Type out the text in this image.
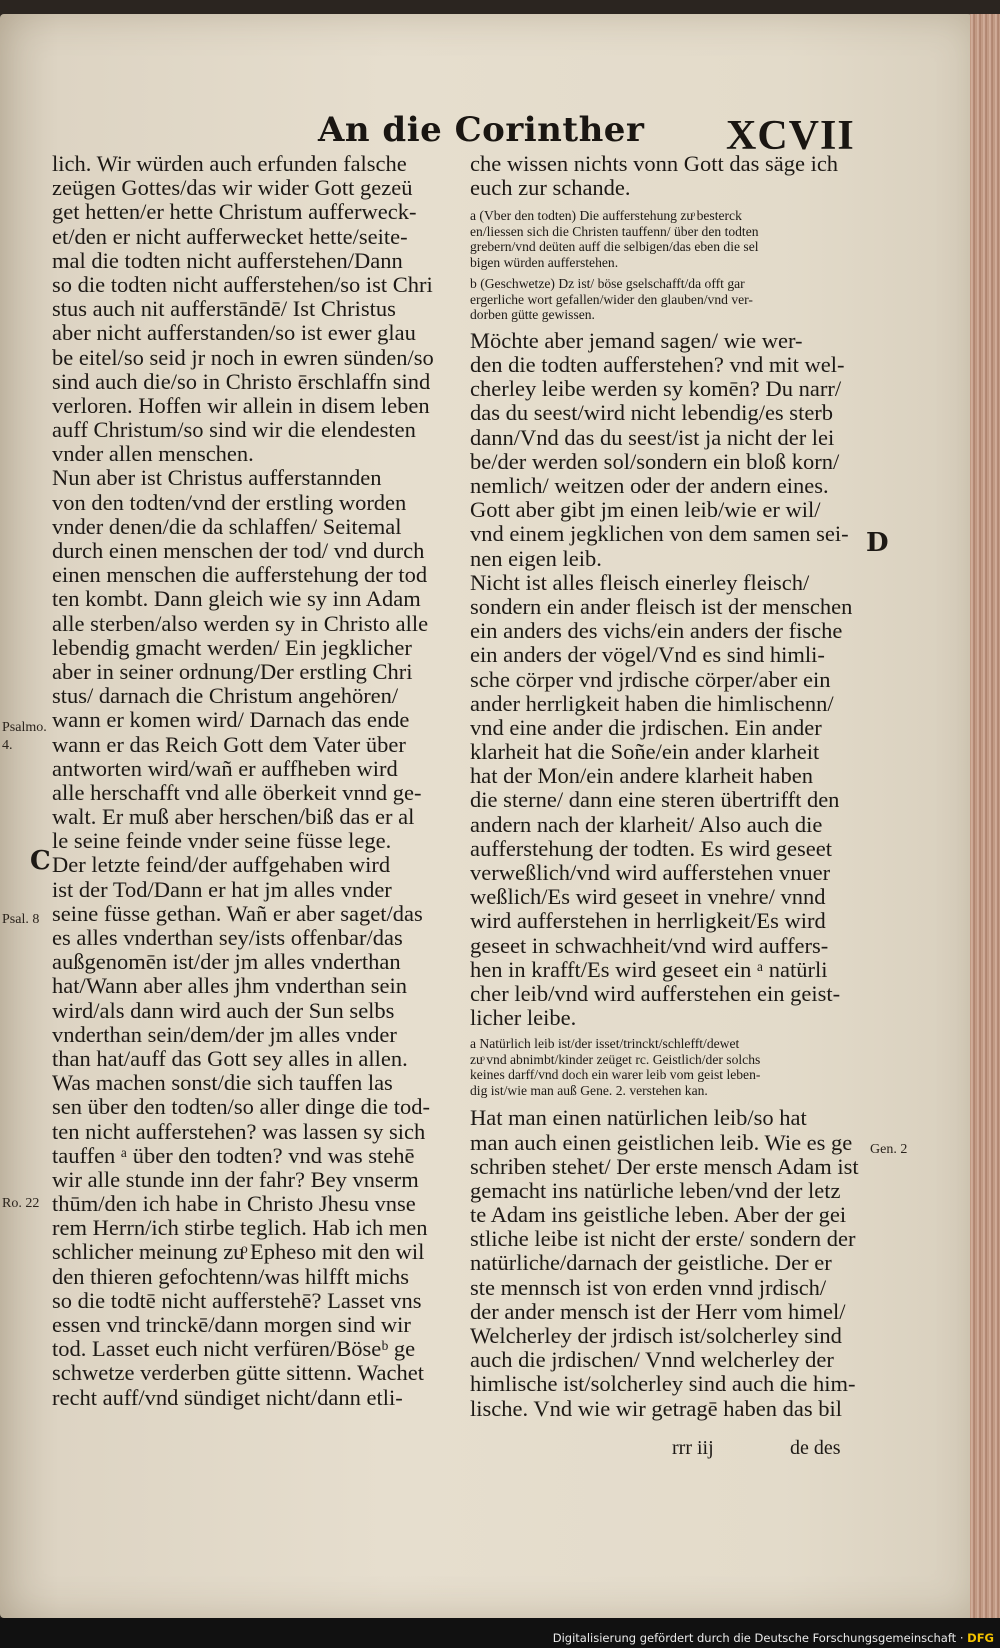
An die Corinther XCVII
lich. Wir würden auch erfunden falsche
zeügen Gottes/das wir wider Gott gezeü
get hetten/er hette Christum aufferweck-
et/den er nicht aufferwecket hette/seite-
mal die todten nicht aufferstehen/Dann
so die todten nicht aufferstehen/so ist Chri
stus auch nit aufferstāndē/ Ist Christus
aber nicht aufferstanden/so ist ewer glau
be eitel/so seid jr noch in ewren sünden/so
sind auch die/so in Christo ērschlaffn sind
verloren. Hoffen wir allein in disem leben
auff Christum/so sind wir die elendesten
vnder allen menschen.
Nun aber ist Christus aufferstannden
von den todten/vnd der erstling worden
vnder denen/die da schlaffen/ Seitemal
durch einen menschen der tod/ vnd durch
einen menschen die aufferstehung der tod
ten kombt. Dann gleich wie sy inn Adam
alle sterben/also werden sy in Christo alle
lebendig gmacht werden/ Ein jegklicher
aber in seiner ordnung/Der erstling Chri
stus/ darnach die Christum angehören/
wann er komen wird/ Darnach das ende
wann er das Reich Gott dem Vater über
antworten wird/wañ er auffheben wird
alle herschafft vnd alle öberkeit vnnd ge-
walt. Er muß aber herschen/biß das er al
le seine feinde vnder seine füsse lege.
Der letzte feind/der auffgehaben wird
ist der Tod/Dann er hat jm alles vnder
seine füsse gethan. Wañ er aber saget/das
es alles vnderthan sey/ists offenbar/das
außgenomēn ist/der jm alles vnderthan
hat/Wann aber alles jhm vnderthan sein
wird/als dann wird auch der Sun selbs
vnderthan sein/dem/der jm alles vnder
than hat/auff das Gott sey alles in allen.
Was machen sonst/die sich tauffen las
sen über den todten/so aller dinge die tod-
ten nicht aufferstehen? was lassen sy sich
tauffen ᵃ über den todten? vnd was stehē
wir alle stunde inn der fahr? Bey vnserm
thūm/den ich habe in Christo Jhesu vnse
rem Herrn/ich stirbe teglich. Hab ich men
schlicher meinung zuͦ Epheso mit den wil
den thieren gefochtenn/was hilfft michs
so die todtē nicht aufferstehē? Lasset vns
essen vnd trinckē/dann morgen sind wir
tod. Lasset euch nicht verfüren/Böseᵇ ge
schwetze verderben gütte sittenn. Wachet
recht auff/vnd sündiget nicht/dann etli-
che wissen nichts vonn Gott das säge ich
euch zur schande.
a (Vber den todten) Die aufferstehung zuͦ besterck
en/liessen sich die Christen tauffenn/ über den todten
grebern/vnd deüten auff die selbigen/das eben die sel
bigen würden aufferstehen.
b (Geschwetze) Dz ist/ böse gselschafft/da offt gar
ergerliche wort gefallen/wider den glauben/vnd ver-
dorben gütte gewissen.
Möchte aber jemand sagen/ wie wer-
den die todten aufferstehen? vnd mit wel-
cherley leibe werden sy komēn? Du narr/
das du seest/wird nicht lebendig/es sterb
dann/Vnd das du seest/ist ja nicht der lei
be/der werden sol/sondern ein bloß korn/
nemlich/ weitzen oder der andern eines.
Gott aber gibt jm einen leib/wie er wil/
vnd einem jegklichen von dem samen sei-
nen eigen leib.
Nicht ist alles fleisch einerley fleisch/
sondern ein ander fleisch ist der menschen
ein anders des vichs/ein anders der fische
ein anders der vögel/Vnd es sind himli-
sche cörper vnd jrdische cörper/aber ein
ander herrligkeit haben die himlischenn/
vnd eine ander die jrdischen. Ein ander
klarheit hat die Soñe/ein ander klarheit
hat der Mon/ein andere klarheit haben
die sterne/ dann eine steren übertrifft den
andern nach der klarheit/ Also auch die
aufferstehung der todten. Es wird geseet
verweßlich/vnd wird aufferstehen vnuer
weßlich/Es wird geseet in vnehre/ vnnd
wird aufferstehen in herrligkeit/Es wird
geseet in schwachheit/vnd wird auffers-
hen in krafft/Es wird geseet ein ᵃ natürli
cher leib/vnd wird aufferstehen ein geist-
licher leibe.
a Natürlich leib ist/der isset/trinckt/schlefft/dewet
zuͦ vnd abnimbt/kinder zeüget rc. Geistlich/der solchs
keines darff/vnd doch ein warer leib vom geist leben-
dig ist/wie man auß Gene. 2. verstehen kan.
Hat man einen natürlichen leib/so hat
man auch einen geistlichen leib. Wie es ge
schriben stehet/ Der erste mensch Adam ist
gemacht ins natürliche leben/vnd der letz
te Adam ins geistliche leben. Aber der gei
stliche leibe ist nicht der erste/ sondern der
natürliche/darnach der geistliche. Der er
ste mennsch ist von erden vnnd jrdisch/
der ander mensch ist der Herr vom himel/
Welcherley der jrdisch ist/solcherley sind
auch die jrdischen/ Vnnd welcherley der
himlische ist/solcherley sind auch die him-
lische. Vnd wie wir getragē haben das bil
Psalmo.
4.
C
Psal. 8
Ro. 22
D
Gen. 2
rrr iij	de des
Digitalisierung gefördert durch die Deutsche Forschungsgemeinschaft · DFG
